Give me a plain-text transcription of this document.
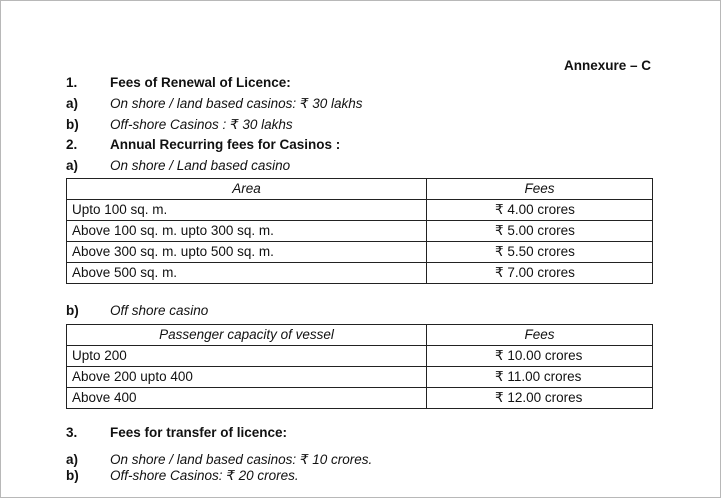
Annexure – C
1. Fees of Renewal of Licence:
a) On shore / land based casinos: ₹ 30 lakhs
b) Off-shore Casinos : ₹ 30 lakhs
2. Annual Recurring fees for Casinos :
a) On shore / Land based casino
Area	Fees
Upto 100 sq. m.	₹ 4.00 crores
Above 100 sq. m. upto 300 sq. m.	₹ 5.00 crores
Above 300 sq. m. upto 500 sq. m.	₹ 5.50 crores
Above 500 sq. m.	₹ 7.00 crores
b) Off shore casino
Passenger capacity of vessel	Fees
Upto 200	₹ 10.00 crores
Above 200 upto 400	₹ 11.00 crores
Above 400	₹ 12.00 crores
3. Fees for transfer of licence:
a) On shore / land based casinos: ₹ 10 crores.
b) Off-shore Casinos: ₹ 20 crores.
